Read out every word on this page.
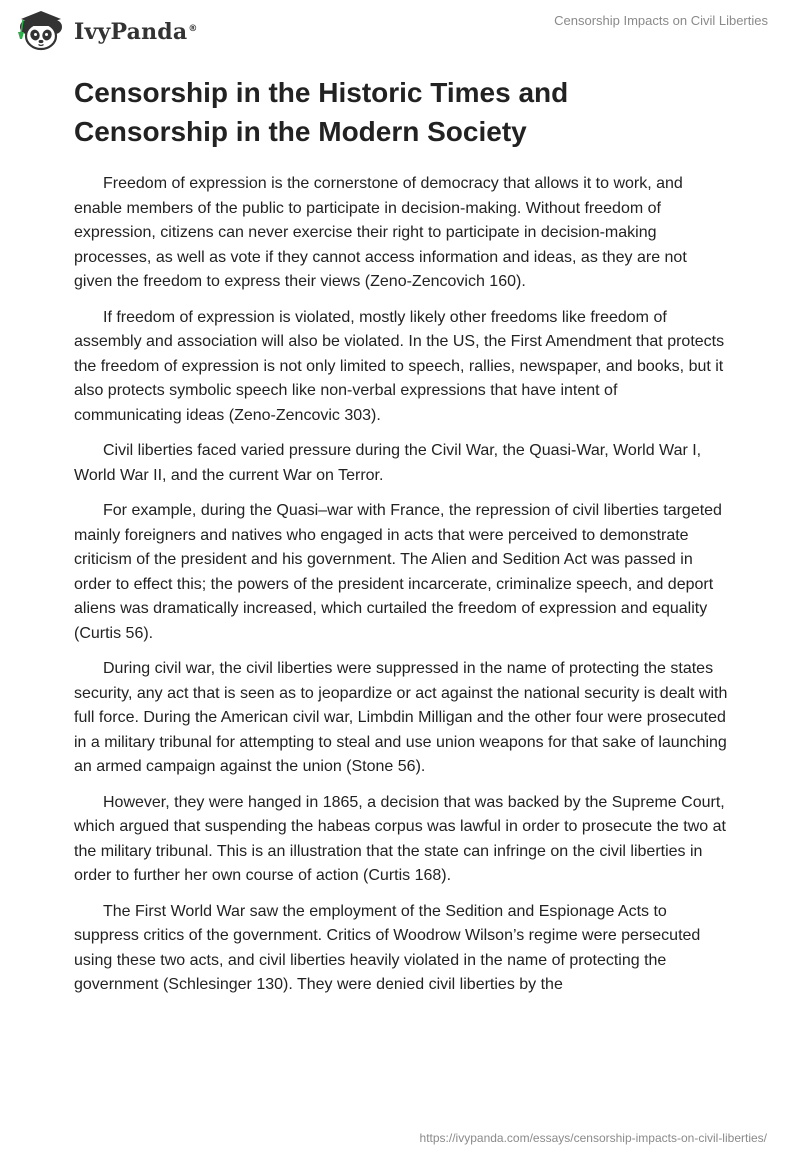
IvyPanda®
Censorship Impacts on Civil Liberties
Censorship in the Historic Times and
Censorship in the Modern Society

Freedom of expression is the cornerstone of democracy that allows it to work, and enable members of the public to participate in decision-making. Without freedom of expression, citizens can never exercise their right to participate in decision-making processes, as well as vote if they cannot access information and ideas, as they are not given the freedom to express their views (Zeno-Zencovich 160).

If freedom of expression is violated, mostly likely other freedoms like freedom of assembly and association will also be violated. In the US, the First Amendment that protects the freedom of expression is not only limited to speech, rallies, newspaper, and books, but it also protects symbolic speech like non-verbal expressions that have intent of communicating ideas (Zeno-Zencovic 303).

Civil liberties faced varied pressure during the Civil War, the Quasi-War, World War I, World War II, and the current War on Terror.

For example, during the Quasi–war with France, the repression of civil liberties targeted mainly foreigners and natives who engaged in acts that were perceived to demonstrate criticism of the president and his government. The Alien and Sedition Act was passed in order to effect this; the powers of the president incarcerate, criminalize speech, and deport aliens was dramatically increased, which curtailed the freedom of expression and equality (Curtis 56).

During civil war, the civil liberties were suppressed in the name of protecting the states security, any act that is seen as to jeopardize or act against the national security is dealt with full force. During the American civil war, Limbdin Milligan and the other four were prosecuted in a military tribunal for attempting to steal and use union weapons for that sake of launching an armed campaign against the union (Stone 56).

However, they were hanged in 1865, a decision that was backed by the Supreme Court, which argued that suspending the habeas corpus was lawful in order to prosecute the two at the military tribunal. This is an illustration that the state can infringe on the civil liberties in order to further her own course of action (Curtis 168).

The First World War saw the employment of the Sedition and Espionage Acts to suppress critics of the government. Critics of Woodrow Wilson’s regime were persecuted using these two acts, and civil liberties heavily violated in the name of protecting the government (Schlesinger 130). They were denied civil liberties by the

https://ivypanda.com/essays/censorship-impacts-on-civil-liberties/
